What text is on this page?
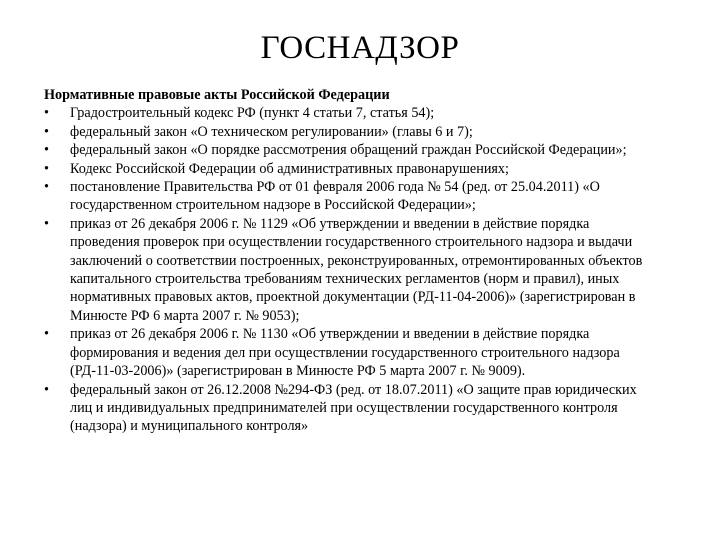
ГОСНАДЗОР
Нормативные правовые акты Российской Федерации
•	Градостроительный кодекс РФ (пункт 4 статьи 7, статья 54);
•	федеральный закон «О техническом регулировании» (главы 6 и 7);
•	федеральный закон «О порядке рассмотрения обращений граждан Российской Федерации»;
•	Кодекс Российской Федерации об административных правонарушениях;
•	постановление Правительства РФ от 01 февраля 2006 года № 54 (ред. от 25.04.2011) «О
государственном строительном надзоре в Российской Федерации»;
•	приказ от 26 декабря 2006 г. № 1129 «Об утверждении и введении в действие порядка
проведения проверок при осуществлении государственного строительного надзора и выдачи
заключений о соответствии построенных, реконструированных, отремонтированных объектов
капитального строительства требованиям технических регламентов (норм и правил), иных
нормативных правовых актов, проектной документации (РД-11-04-2006)» (зарегистрирован в
Минюсте РФ 6 марта 2007 г. № 9053);
•	приказ от 26 декабря 2006 г. № 1130 «Об утверждении и введении в действие порядка
формирования и ведения дел при осуществлении государственного строительного надзора
(РД-11-03-2006)» (зарегистрирован в Минюсте РФ 5 марта 2007 г. № 9009).
•	федеральный закон от 26.12.2008 №294-ФЗ (ред. от 18.07.2011) «О защите прав юридических
лиц и индивидуальных предпринимателей при осуществлении государственного контроля
(надзора) и муниципального контроля»
